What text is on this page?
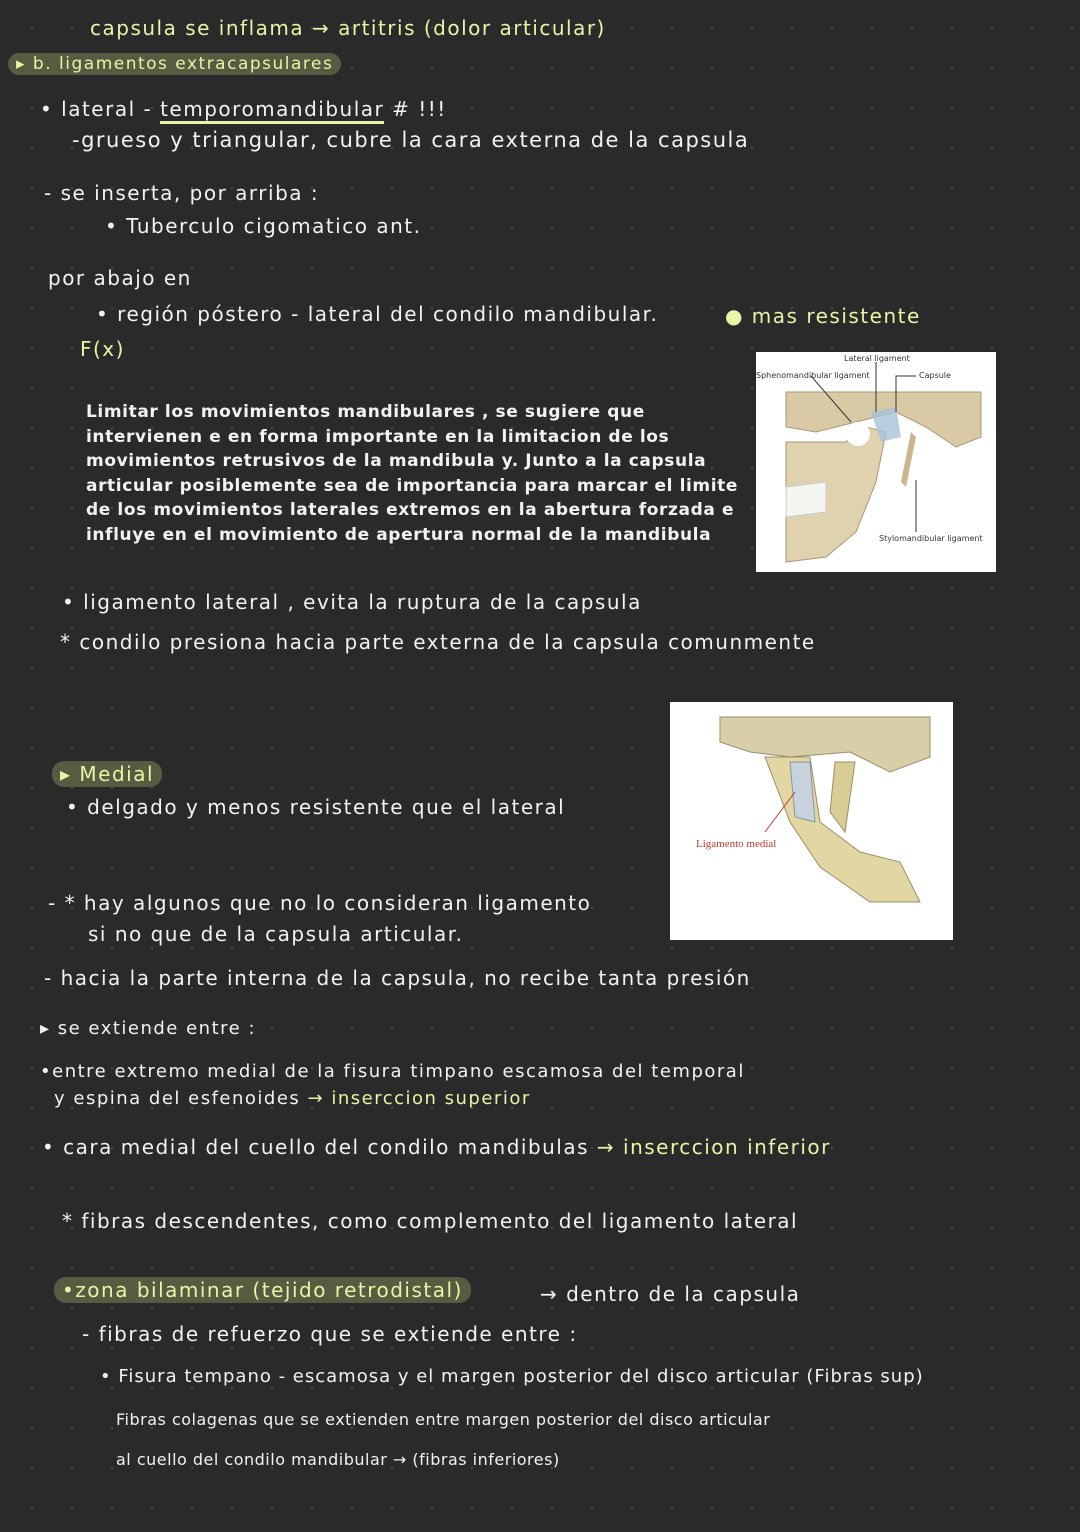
capsula se inflama → artitris (dolor articular)
▸ b. ligamentos extracapsulares
• lateral - temporomandibular # !!!
-grueso y triangular, cubre la cara externa de la capsula
- se inserta, por arriba :
• Tuberculo cigomatico ant.
por abajo en
• región póstero - lateral del condilo mandibular.	● mas resistente
F(x)
Limitar los movimientos mandibulares , se sugiere que intervienen e en forma importante en la limitacion de los movimientos retrusivos de la mandibula y. Junto a la capsula articular posiblemente sea de importancia para marcar el limite de los movimientos laterales extremos en la abertura forzada e influye en el movimiento de apertura normal de la mandibula
Lateral ligament
Sphenomandibular ligament	Capsule
Stylomandibular ligament
• ligamento lateral , evita la ruptura de la capsula
* condilo presiona hacia parte externa de la capsula comunmente
Ligamento medial
▸ Medial
• delgado y menos resistente que el lateral
- * hay algunos que no lo consideran ligamento
si no que de la capsula articular.
- hacia la parte interna de la capsula, no recibe tanta presión
▸ se extiende entre :
•entre extremo medial de la fisura timpano escamosa del temporal
y espina del esfenoides → inserccion superior
• cara medial del cuello del condilo mandibulas → inserccion inferior
* fibras descendentes, como complemento del ligamento lateral
•zona bilaminar (tejido retrodistal)	→ dentro de la capsula
- fibras de refuerzo que se extiende entre :
• Fisura tempano - escamosa y el margen posterior del disco articular (Fibras sup)
Fibras colagenas que se extienden entre margen posterior del disco articular
al cuello del condilo mandibular → (fibras inferiores)
